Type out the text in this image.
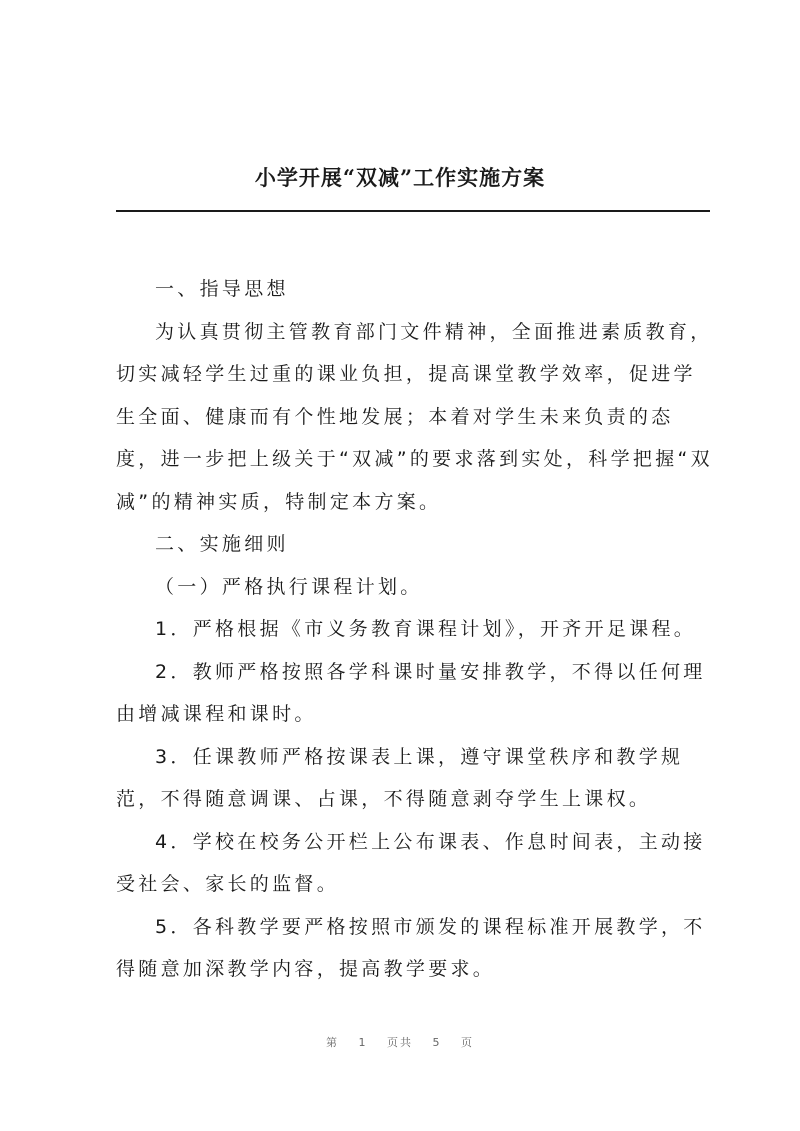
小学开展“双减”工作实施方案

一、指导思想

为认真贯彻主管教育部门文件精神，全面推进素质教育，切实减轻学生过重的课业负担，提高课堂教学效率，促进学生全面、健康而有个性地发展；本着对学生未来负责的态度，进一步把上级关于“双减”的要求落到实处，科学把握“双减”的精神实质，特制定本方案。

二、实施细则

（一）严格执行课程计划。

1．严格根据《市义务教育课程计划》，开齐开足课程。

2．教师严格按照各学科课时量安排教学，不得以任何理由增减课程和课时。

3．任课教师严格按课表上课，遵守课堂秩序和教学规范，不得随意调课、占课，不得随意剥夺学生上课权。

4．学校在校务公开栏上公布课表、作息时间表，主动接受社会、家长的监督。

5．各科教学要严格按照市颁发的课程标准开展教学，不得随意加深教学内容，提高教学要求。

第 1 页共 5 页
